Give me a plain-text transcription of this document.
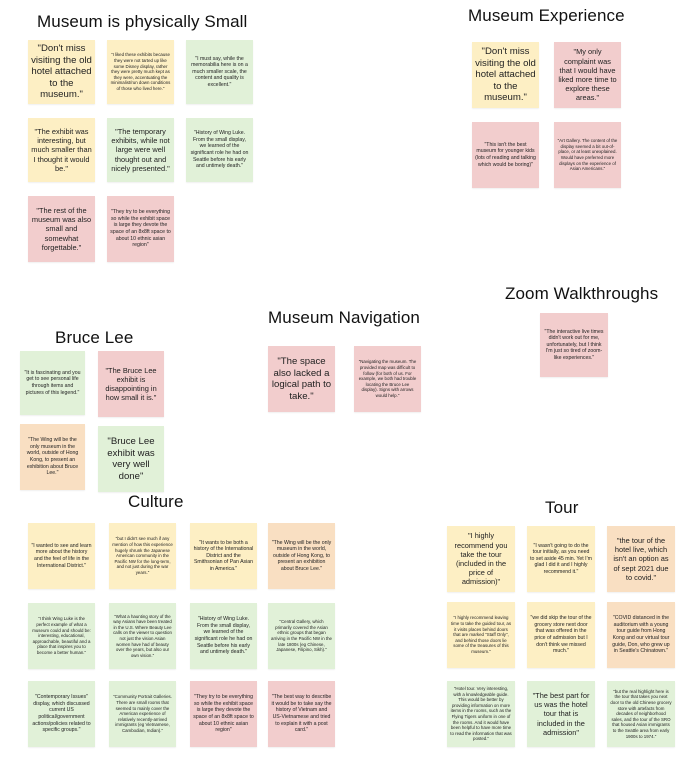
Museum is physically Small
"Don't miss visiting the old hotel attached to the museum."
"I liked these exhibits because they were not tarted up like some Disney display, rather they were pretty much kept as they were, accentuating the minimalist/run down conditions of those who lived here."
"I must say, while the memorabilia here is on a much smaller scale, the content and quality is excellent."
"The exhibit was interesting, but much smaller than I thought it would be."
"The temporary exhibits, while not large were well thought out and nicely presented."
"History of Wing Luke. From the small display, we learned of the significant role he had on Seattle before his early and untimely death."
"The rest of the museum was also small and somewhat forgettable."
"They try to be everything so while the exhibit space is large they devote the space of an 8x8ft space to about 10 ethnic asian region"
Museum Experience
"Don't miss visiting the old hotel attached to the museum."
"My only complaint was that I would have liked more time to explore these areas."
"This isn't the best museum for younger kids (lots of reading and talking which would be boring)"
"Art Gallery. The content of the display seemed a bit out-of-place, or at least unexplained. Would have preferred more displays on the experience of Asian Americans."
Zoom Walkthroughs
"The interactive live times didn't work out for me, unfortunately, but I think I'm just so tired of zoom-like experiences."
Museum Navigation
"The space also lacked a logical path to take."
"Navigating the museum. The provided map was difficult to follow (for both of us. For example, we both had trouble locating the Bruce Lee display). Signs with arrows would help."
Bruce Lee
"It is fascinating and you get to see personal life through items and pictures of this legend."
"The Bruce Lee exhibit is disappointing in how small it is."
"The Wing will be the only museum in the world, outside of Hong Kong, to present an exhibition about Bruce Lee."
"Bruce Lee exhibit was very well done"
Culture
"I wanted to see and learn more about the history and the feel of life in the International District."
"but I didn't see much if any mention of how this experience hugely shrunk the Japanese American community in the Pacific NW for the long-term, and not just during the war years."
"It wants to be both a history of the International District and the Smithsonian of Pan Asian in America."
"The Wing will be the only museum in the world, outside of Hong Kong, to present an exhibition about Bruce Lee."
"I think Wing Luke is the perfect example of what a museum could and should be: interesting, educational, approachable, beautiful and a place that inspires you to become a better human."
"What a haunting story of the way Asians have been treated in the U.S. Where Beauty Lee calls on the viewer to question not just the vision Asian women have had of beauty over the years, but also our own vision."
"History of Wing Luke. From the small display, we learned of the significant role he had on Seattle before his early and untimely death."
"Central Gallery, which primarily covered the Asian ethnic groups that began arriving in the Pacific NW in the late 1800s (eg Chinese, Japanese, Filipino, Sikh)."
"Contemporary Issues" display, which discussed current US political/government actions/policies related to specific groups."
"Community Portrait Galleries. There are small rooms that seemed to mainly cover the American experience of relatively recently-arrived immigrants (eg Vietnamese, Cambodian, Indian)."
"They try to be everything so while the exhibit space is large they devote the space of an 8x8ft space to about 10 ethnic asian region"
"The best way to describe it would be to take say the history of Vietnam and US-Vietnamese and tried to explain it with a post card."
Tour
"I highly recommend you take the tour (included in the price of admission)"
"I wasn't going to do the tour initially, as you need to set aside 45 min. Yet I'm glad I did it and I highly recommend it."
"the tour of the hotel live, which isn't an option as of sept 2021 due to covid."
"I highly recommend leaving time to take the guided tour, as it visits places behind doors that are marked "Staff Only", and behind those doors lie some of the treasures of this museum."
"we did skip the tour of the grocery store next door that was offered in the price of admission but I don't think we missed much."
"COVID distanced in the auditorium with a young tour guide from Hong Kong and our virtual tour guide, Don, who grew up in Seattle's Chinatown."
"Hotel tour. Very interesting, with a knowledgeable guide. This would be better by providing information on more items in the rooms, such as the Flying Tigers uniform in one of the rooms. And it would have been helpful to have more time to read the information that was posted."
"The best part for us was the hotel tour that is included in the admission"
"but the real highlight here is the tour that takes you next door to the old Chinese grocery store with artefacts from decades of neighborhood sales, and the tour of the SRO that housed Asian immigrants to the Seattle area from early 1900s to 1974."
